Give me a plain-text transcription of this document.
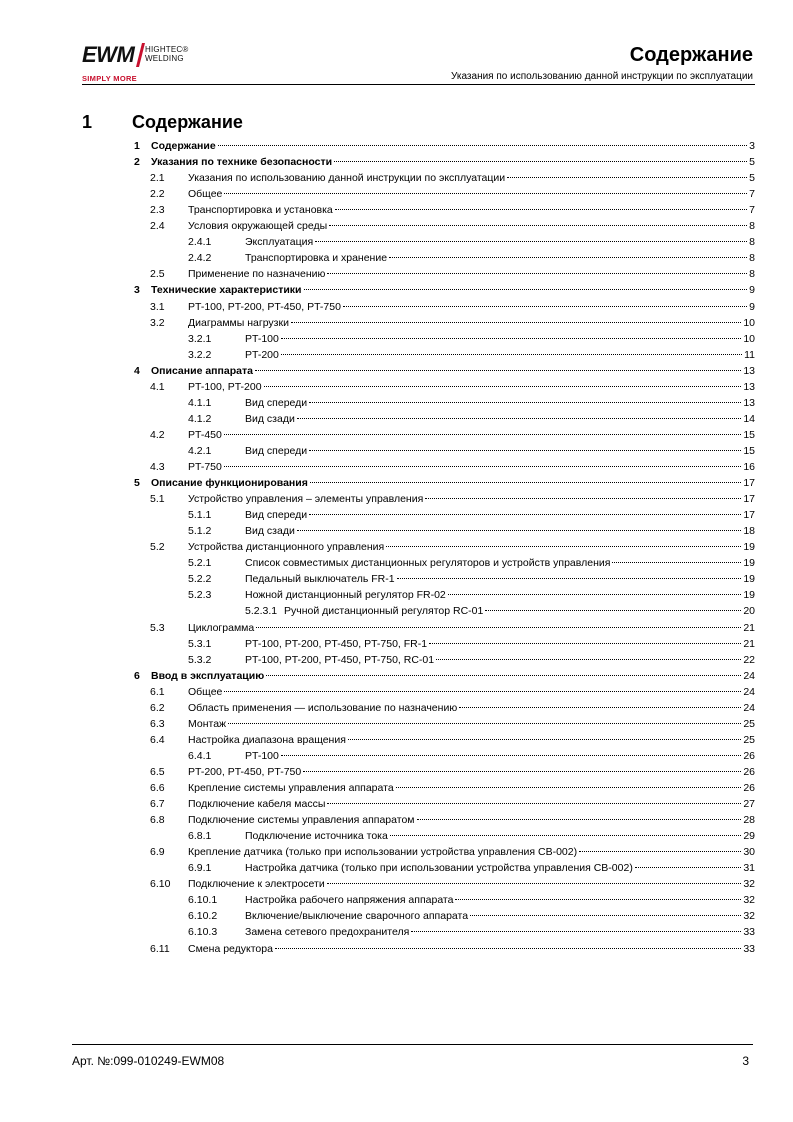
EWM HIGHTEC®
WELDING
SIMPLY MORE
Содержание
Указания по использованию данной инструкции по эксплуатации
1 Содержание
1 Содержание	3
2 Указания по технике безопасности	5
2.1 Указания по использованию данной инструкции по эксплуатации	5
2.2 Общее	7
2.3 Транспортировка и установка	7
2.4 Условия окружающей среды	8
2.4.1	Эксплуатация	8
2.4.2	Транспортировка и хранение	8
2.5 Применение по назначению	8
3 Технические характеристики	9
3.1 PT-100, PT-200, PT-450, PT-750	9
3.2 Диаграммы нагрузки	10
3.2.1	PT-100	10
3.2.2	PT-200	11
4 Описание аппарата	13
4.1 PT-100, PT-200	13
4.1.1	Вид спереди	13
4.1.2	Вид сзади	14
4.2 PT-450	15
4.2.1	Вид спереди	15
4.3 PT-750	16
5 Описание функционирования	17
5.1 Устройство управления – элементы управления	17
5.1.1	Вид спереди	17
5.1.2	Вид сзади	18
5.2 Устройства дистанционного управления	19
5.2.1	Список совместимых дистанционных регуляторов и устройств управления	19
5.2.2	Педальный выключатель FR-1	19
5.2.3	Ножной дистанционный регулятор FR-02	19
5.2.3.1 Ручной дистанционный регулятор RC-01	20
5.3 Циклограмма	21
5.3.1	PT-100, PT-200, PT-450, PT-750, FR-1	21
5.3.2	PT-100, PT-200, PT-450, PT-750, RC-01	22
6 Ввод в эксплуатацию	24
6.1 Общее	24
6.2 Область применения — использование по назначению	24
6.3 Монтаж	25
6.4 Настройка диапазона вращения	25
6.4.1	PT-100	26
6.5 PT-200, PT-450, PT-750	26
6.6 Крепление системы управления аппарата	26
6.7 Подключение кабеля массы	27
6.8 Подключение системы управления аппаратом	28
6.8.1	Подключение источника тока	29
6.9 Крепление датчика (только при использовании устройства управления CB-002)	30
6.9.1	Настройка датчика (только при использовании устройства управления CB-002)	31
6.10 Подключение к электросети	32
6.10.1	Настройка рабочего напряжения аппарата	32
6.10.2	Включение/выключение сварочного аппарата	32
6.10.3	Замена сетевого предохранителя	33
6.11 Смена редуктора	33
Арт. №:099-010249-EWM08	3
